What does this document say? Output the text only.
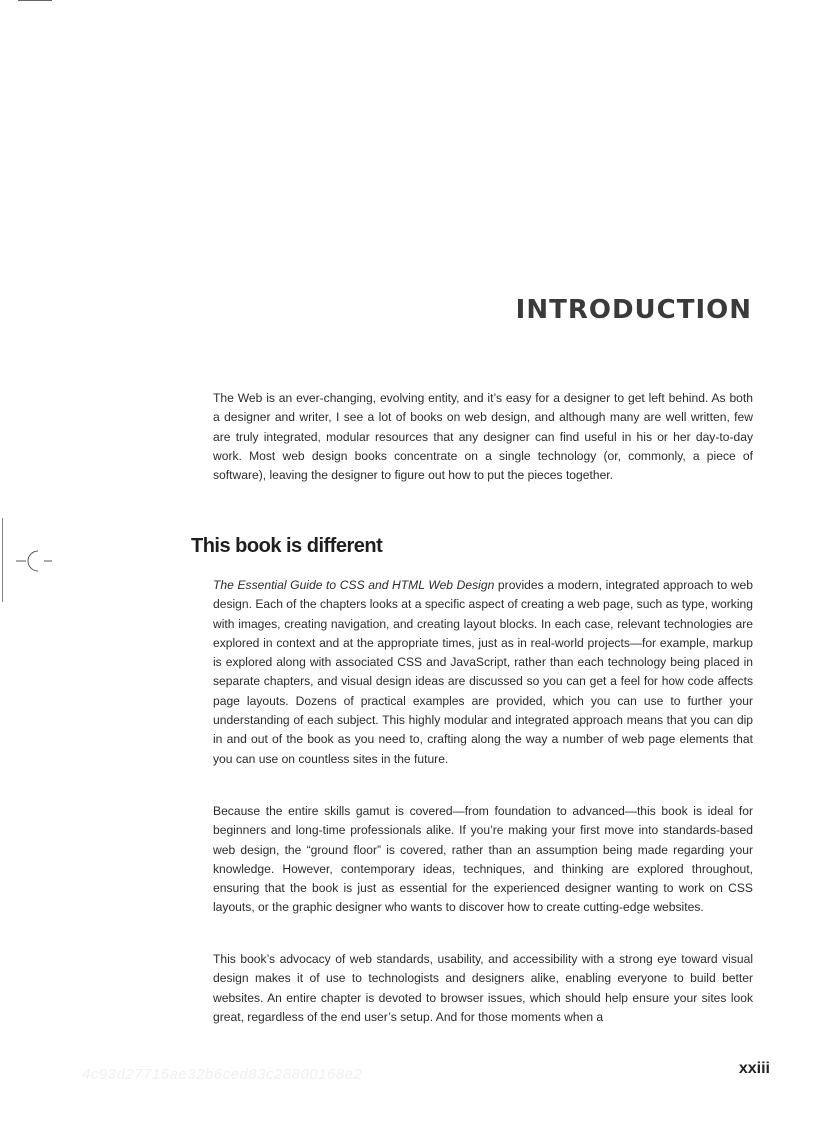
INTRODUCTION

The Web is an ever-changing, evolving entity, and it’s easy for a designer to get left behind. As both a designer and writer, I see a lot of books on web design, and although many are well written, few are truly integrated, modular resources that any designer can find useful in his or her day-to-day work. Most web design books concentrate on a single technology (or, commonly, a piece of software), leaving the designer to figure out how to put the pieces together.

This book is different

The Essential Guide to CSS and HTML Web Design provides a modern, integrated approach to web design. Each of the chapters looks at a specific aspect of creating a web page, such as type, working with images, creating navigation, and creating layout blocks. In each case, relevant technologies are explored in context and at the appropriate times, just as in real-world projects—for example, markup is explored along with associated CSS and JavaScript, rather than each technology being placed in separate chapters, and visual design ideas are discussed so you can get a feel for how code affects page layouts. Dozens of practical examples are provided, which you can use to further your understanding of each subject. This highly modular and integrated approach means that you can dip in and out of the book as you need to, crafting along the way a number of web page elements that you can use on countless sites in the future.

Because the entire skills gamut is covered—from foundation to advanced—this book is ideal for beginners and long-time professionals alike. If you’re making your first move into standards-based web design, the “ground floor” is covered, rather than an assumption being made regarding your knowledge. However, contemporary ideas, techniques, and thinking are explored throughout, ensuring that the book is just as essential for the experienced designer wanting to work on CSS layouts, or the graphic designer who wants to discover how to create cutting-edge websites.

This book’s advocacy of web standards, usability, and accessibility with a strong eye toward visual design makes it of use to technologists and designers alike, enabling everyone to build better websites. An entire chapter is devoted to browser issues, which should help ensure your sites look great, regardless of the end user’s setup. And for those moments when a

4c93d27715ae32b6ced83c28800168e2	xxiii
